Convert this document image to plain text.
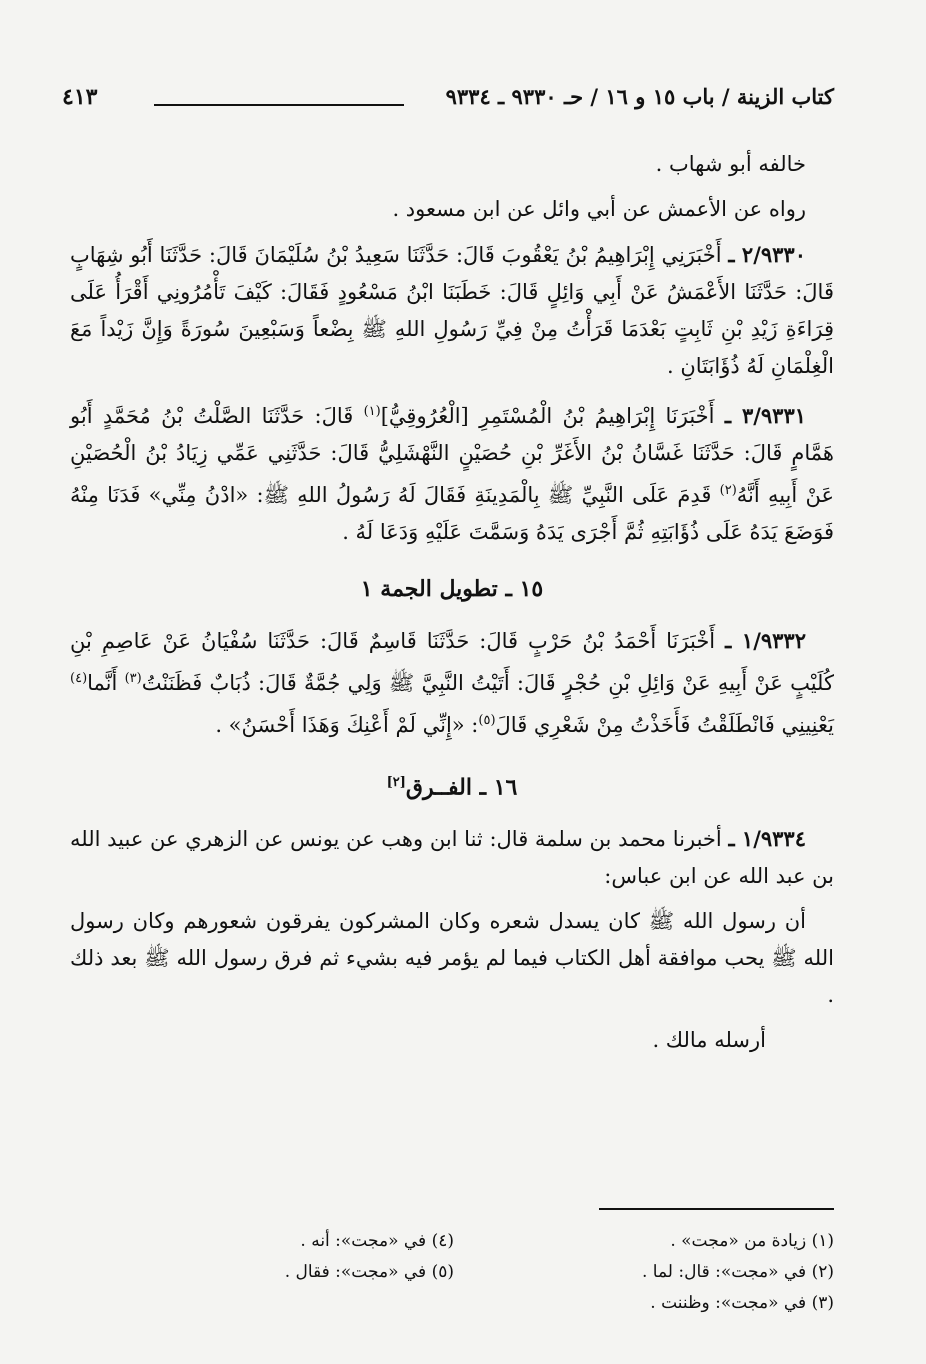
كتاب الزينة / باب ١٥ و ١٦ / حـ ٩٣٣٠ ـ ٩٣٣٤
٤١٣

خالفه أبو شهاب .

رواه عن الأعمش عن أبي وائل عن ابن مسعود .

٢/٩٣٣٠ ـ أَخْبَرَنِي إِبْرَاهِيمُ بْنُ يَعْقُوبَ قَالَ: حَدَّثَنَا سَعِيدُ بْنُ سُلَيْمَانَ قَالَ: حَدَّثَنَا أَبُو شِهَابٍ قَالَ: حَدَّثَنَا الأَعْمَشُ عَنْ أَبِي وَائِلٍ قَالَ: خَطَبَنَا ابْنُ مَسْعُودٍ فَقَالَ: كَيْفَ تَأْمُرُونِي أَقْرَأُ عَلَى قِرَاءَةِ زَيْدِ بْنِ ثَابِتٍ بَعْدَمَا قَرَأْتُ مِنْ فِيِّ رَسُولِ اللهِ ﷺ بِضْعاً وَسَبْعِينَ سُورَةً وَإِنَّ زَيْداً مَعَ الْغِلْمَانِ لَهُ ذُؤَابَتَانِ .

٣/٩٣٣١ ـ أَخْبَرَنَا إِبْرَاهِيمُ بْنُ الْمُسْتَمِرِ [الْعُرُوقِيُّ]$^{(١)}$ قَالَ: حَدَّثَنَا الصَّلْتُ بْنُ مُحَمَّدٍ أَبُو هَمَّامٍ قَالَ: حَدَّثَنَا غَسَّانُ بْنُ الأَغَرِّ بْنِ حُصَيْنٍ النَّهْشَلِيُّ قَالَ: حَدَّثَنِي عَمِّي زِيَادُ بْنُ الْحُصَيْنِ عَنْ أَبِيهِ أَنَّهُ$^{(٢)}$ قَدِمَ عَلَى النَّبِيِّ ﷺ بِالْمَدِينَةِ فَقَالَ لَهُ رَسُولُ اللهِ ﷺ: «ادْنُ مِنِّي» فَدَنَا مِنْهُ فَوَضَعَ يَدَهُ عَلَى ذُؤَابَتِهِ ثُمَّ أَجْرَى يَدَهُ وَسَمَّتَ عَلَيْهِ وَدَعَا لَهُ .

١٥ ـ تطويل الجمة ١

١/٩٣٣٢ ـ أَخْبَرَنَا أَحْمَدُ بْنُ حَرْبٍ قَالَ: حَدَّثَنَا قَاسِمٌ قَالَ: حَدَّثَنَا سُفْيَانُ عَنْ عَاصِمِ بْنِ كُلَيْبٍ عَنْ أَبِيهِ عَنْ وَائِلِ بْنِ حُجْرٍ قَالَ: أَتَيْتُ النَّبِيَّ ﷺ وَلِي جُمَّةٌ قَالَ: ذُبَابٌ فَظَنَنْتُ$^{(٣)}$ أَنَّما$^{(٤)}$ يَعْنِينِي فَانْطَلَقْتُ فَأَخَذْتُ مِنْ شَعْرِي قَالَ$^{(٥)}$: «إِنِّي لَمْ أَعْنِكَ وَهَذَا أَحْسَنُ» .

١٦ ـ الفــرق[٢]

١/٩٣٣٤ ـ أخبرنا محمد بن سلمة قال: ثنا ابن وهب عن يونس عن الزهري عن عبيد الله بن عبد الله عن ابن عباس:

أن رسول الله ﷺ كان يسدل شعره وكان المشركون يفرقون شعورهم وكان رسول الله ﷺ يحب موافقة أهل الكتاب فيما لم يؤمر فيه بشيء ثم فرق رسول الله ﷺ بعد ذلك .

أرسله مالك .

(١) زيادة من «مجت» .
(٢) في «مجت»: قال: لما .
(٣) في «مجت»: وظننت .
(٤) في «مجت»: أنه .
(٥) في «مجت»: فقال .
